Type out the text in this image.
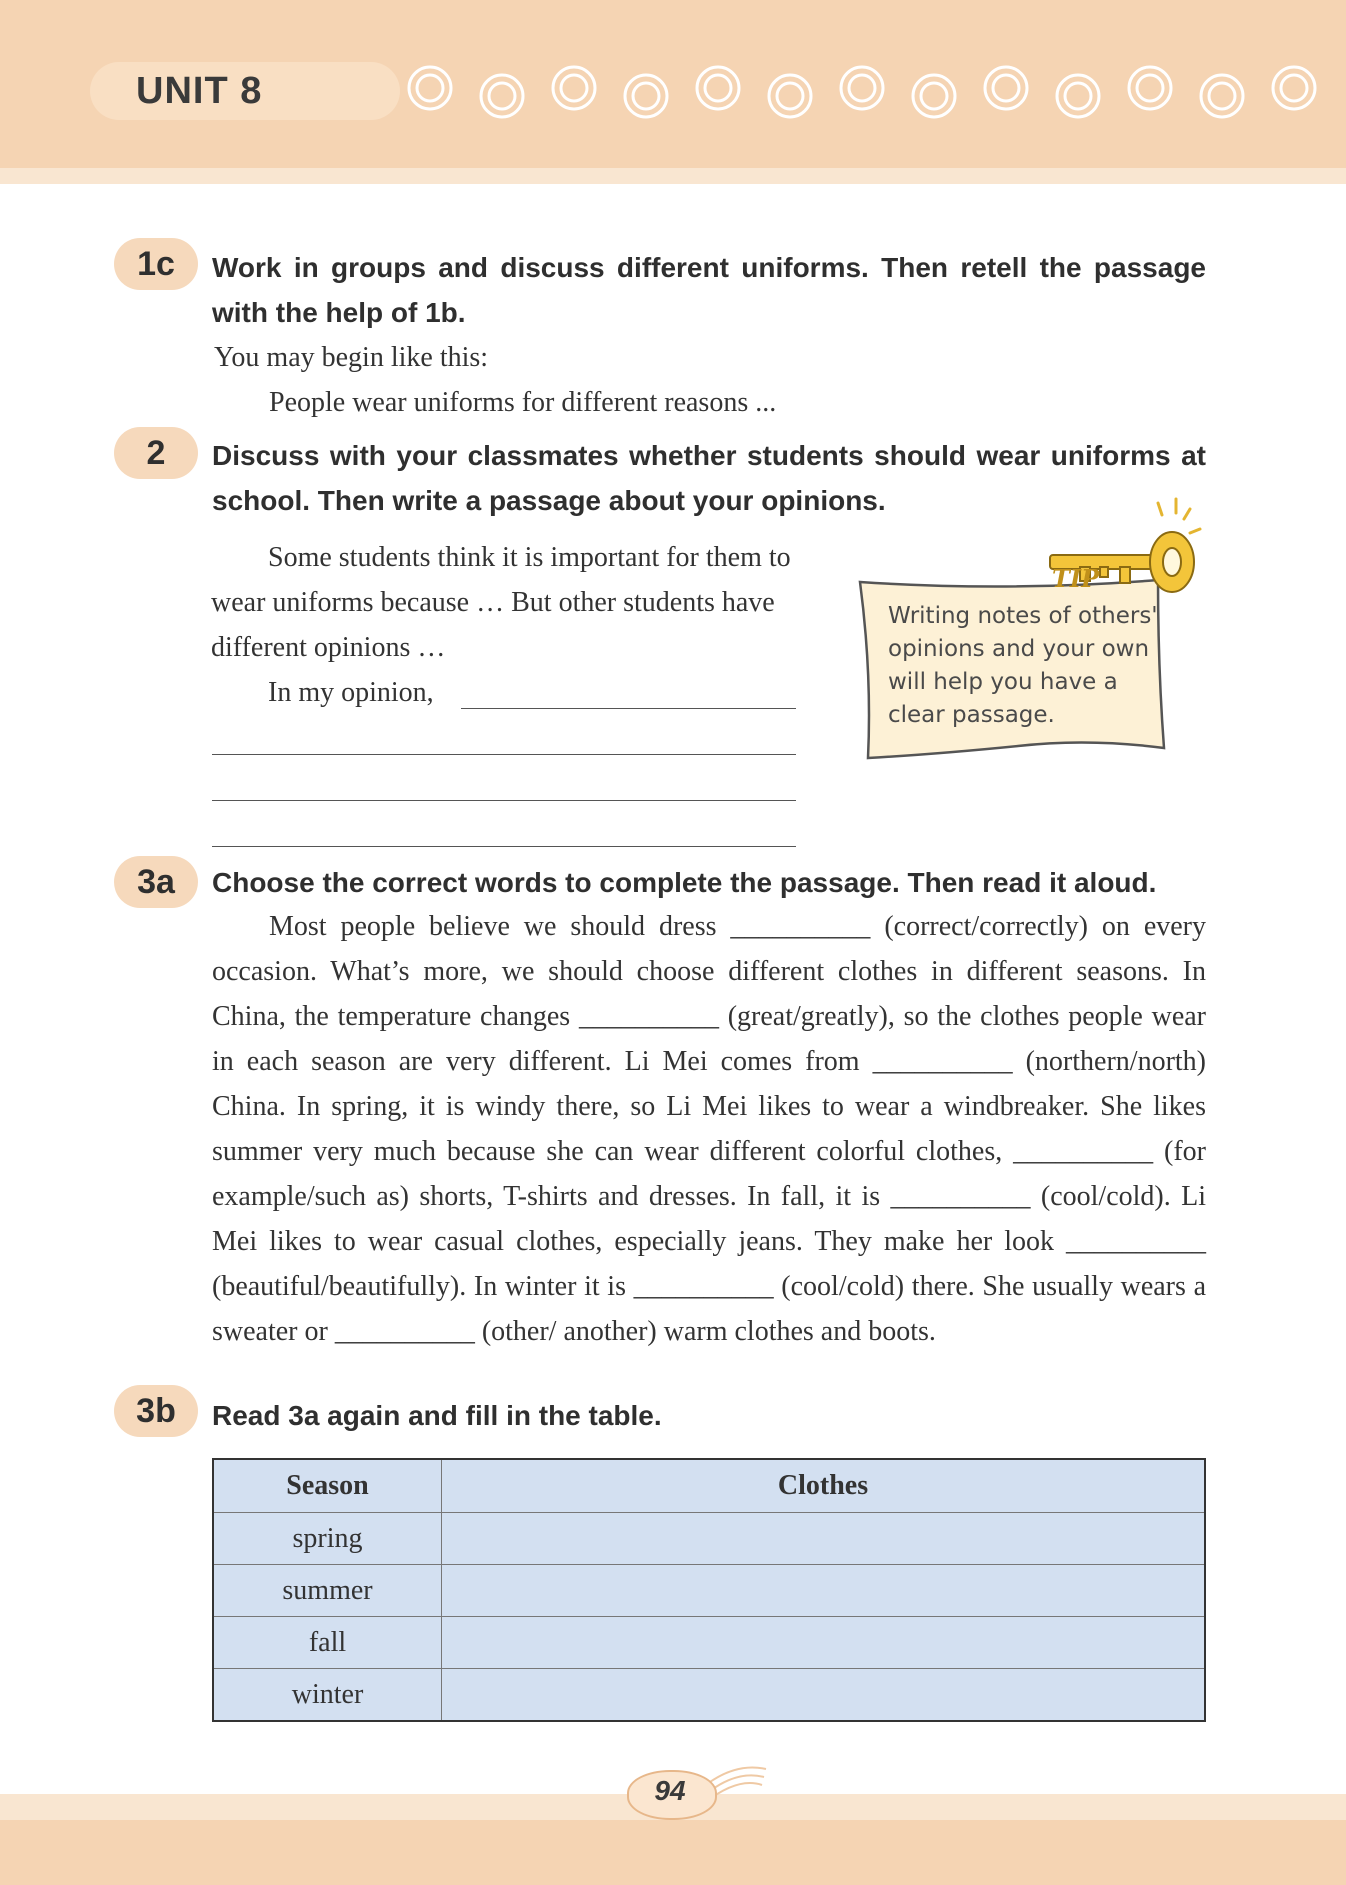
UNIT 8
1c	Work in groups and discuss different uniforms. Then retell the passage with the help of 1b.

You may begin like this:
People wear uniforms for different reasons ...
2	Discuss with your classmates whether students should wear uniforms at school. Then write a passage about your opinions.

Some students think it is important for them to
wear uniforms because … But other students have
different opinions …
In my opinion,
TIP

Writing notes of others' opinions and your own will help you have a clear passage.

3a	Choose the correct words to complete the passage. Then read it aloud.

Most people believe we should dress __________ (correct/correctly) on every occasion. What’s more, we should choose different clothes in different seasons. In China, the temperature changes __________ (great/greatly), so the clothes people wear in each season are very different. Li Mei comes from __________ (northern/north) China. In spring, it is windy there, so Li Mei likes to wear a windbreaker. She likes summer very much because she can wear different colorful clothes, __________ (for example/such as) shorts, T-shirts and dresses. In fall, it is __________ (cool/cold). Li Mei likes to wear casual clothes, especially jeans. They make her look __________ (beautiful/beautifully). In winter it is __________ (cool/cold) there. She usually wears a sweater or __________ (other/ another) warm clothes and boots.

3b	Read 3a again and fill in the table.
Season	Clothes
spring	
summer	
fall	
winter	
94
